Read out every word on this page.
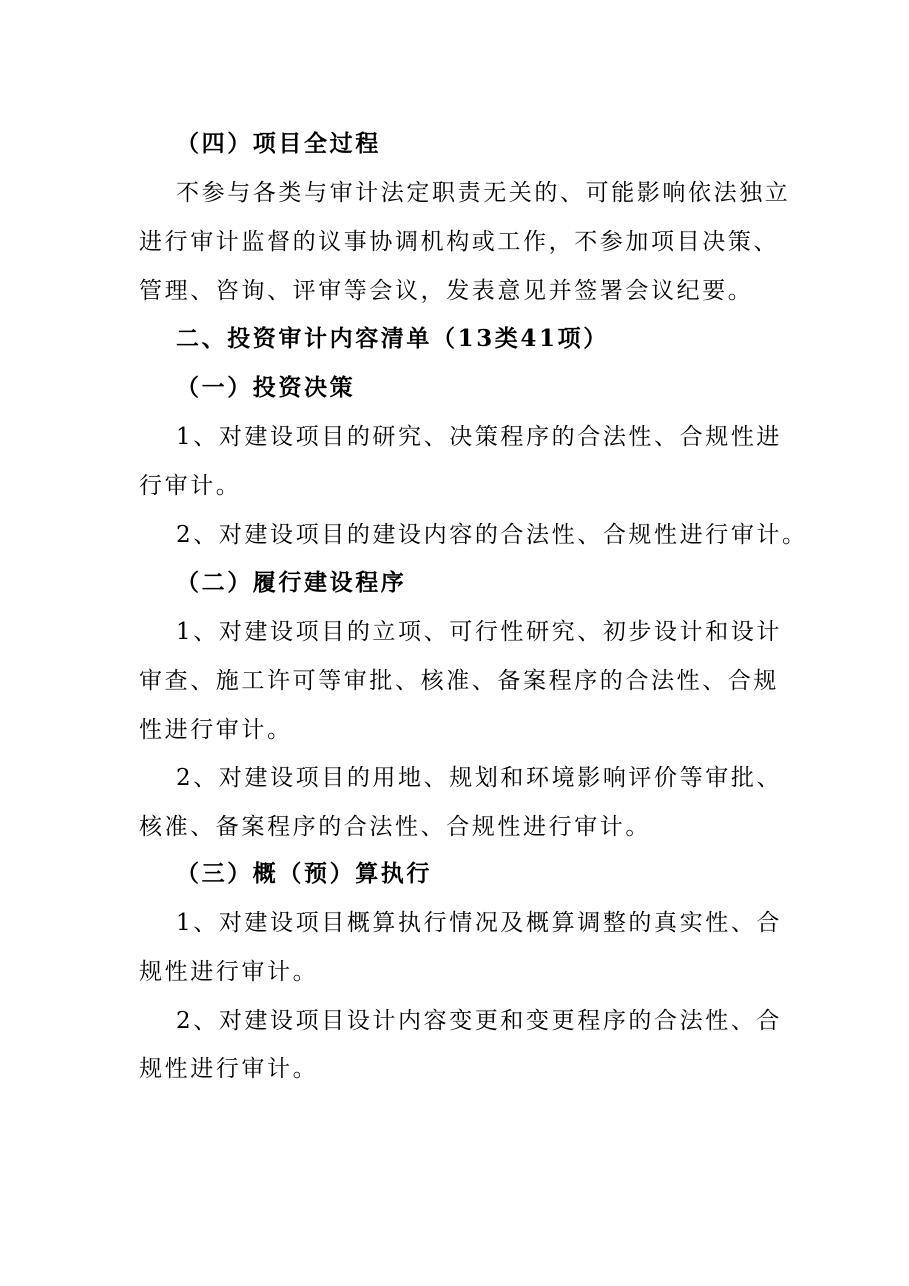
（四）项目全过程
不参与各类与审计法定职责无关的、可能影响依法独立
进行审计监督的议事协调机构或工作，不参加项目决策、
管理、咨询、评审等会议，发表意见并签署会议纪要。
二、投资审计内容清单（13类41项）
（一）投资决策
1、对建设项目的研究、决策程序的合法性、合规性进
行审计。
2、对建设项目的建设内容的合法性、合规性进行审计。
（二）履行建设程序
1、对建设项目的立项、可行性研究、初步设计和设计
审查、施工许可等审批、核准、备案程序的合法性、合规
性进行审计。
2、对建设项目的用地、规划和环境影响评价等审批、
核准、备案程序的合法性、合规性进行审计。
（三）概（预）算执行
1、对建设项目概算执行情况及概算调整的真实性、合
规性进行审计。
2、对建设项目设计内容变更和变更程序的合法性、合
规性进行审计。
